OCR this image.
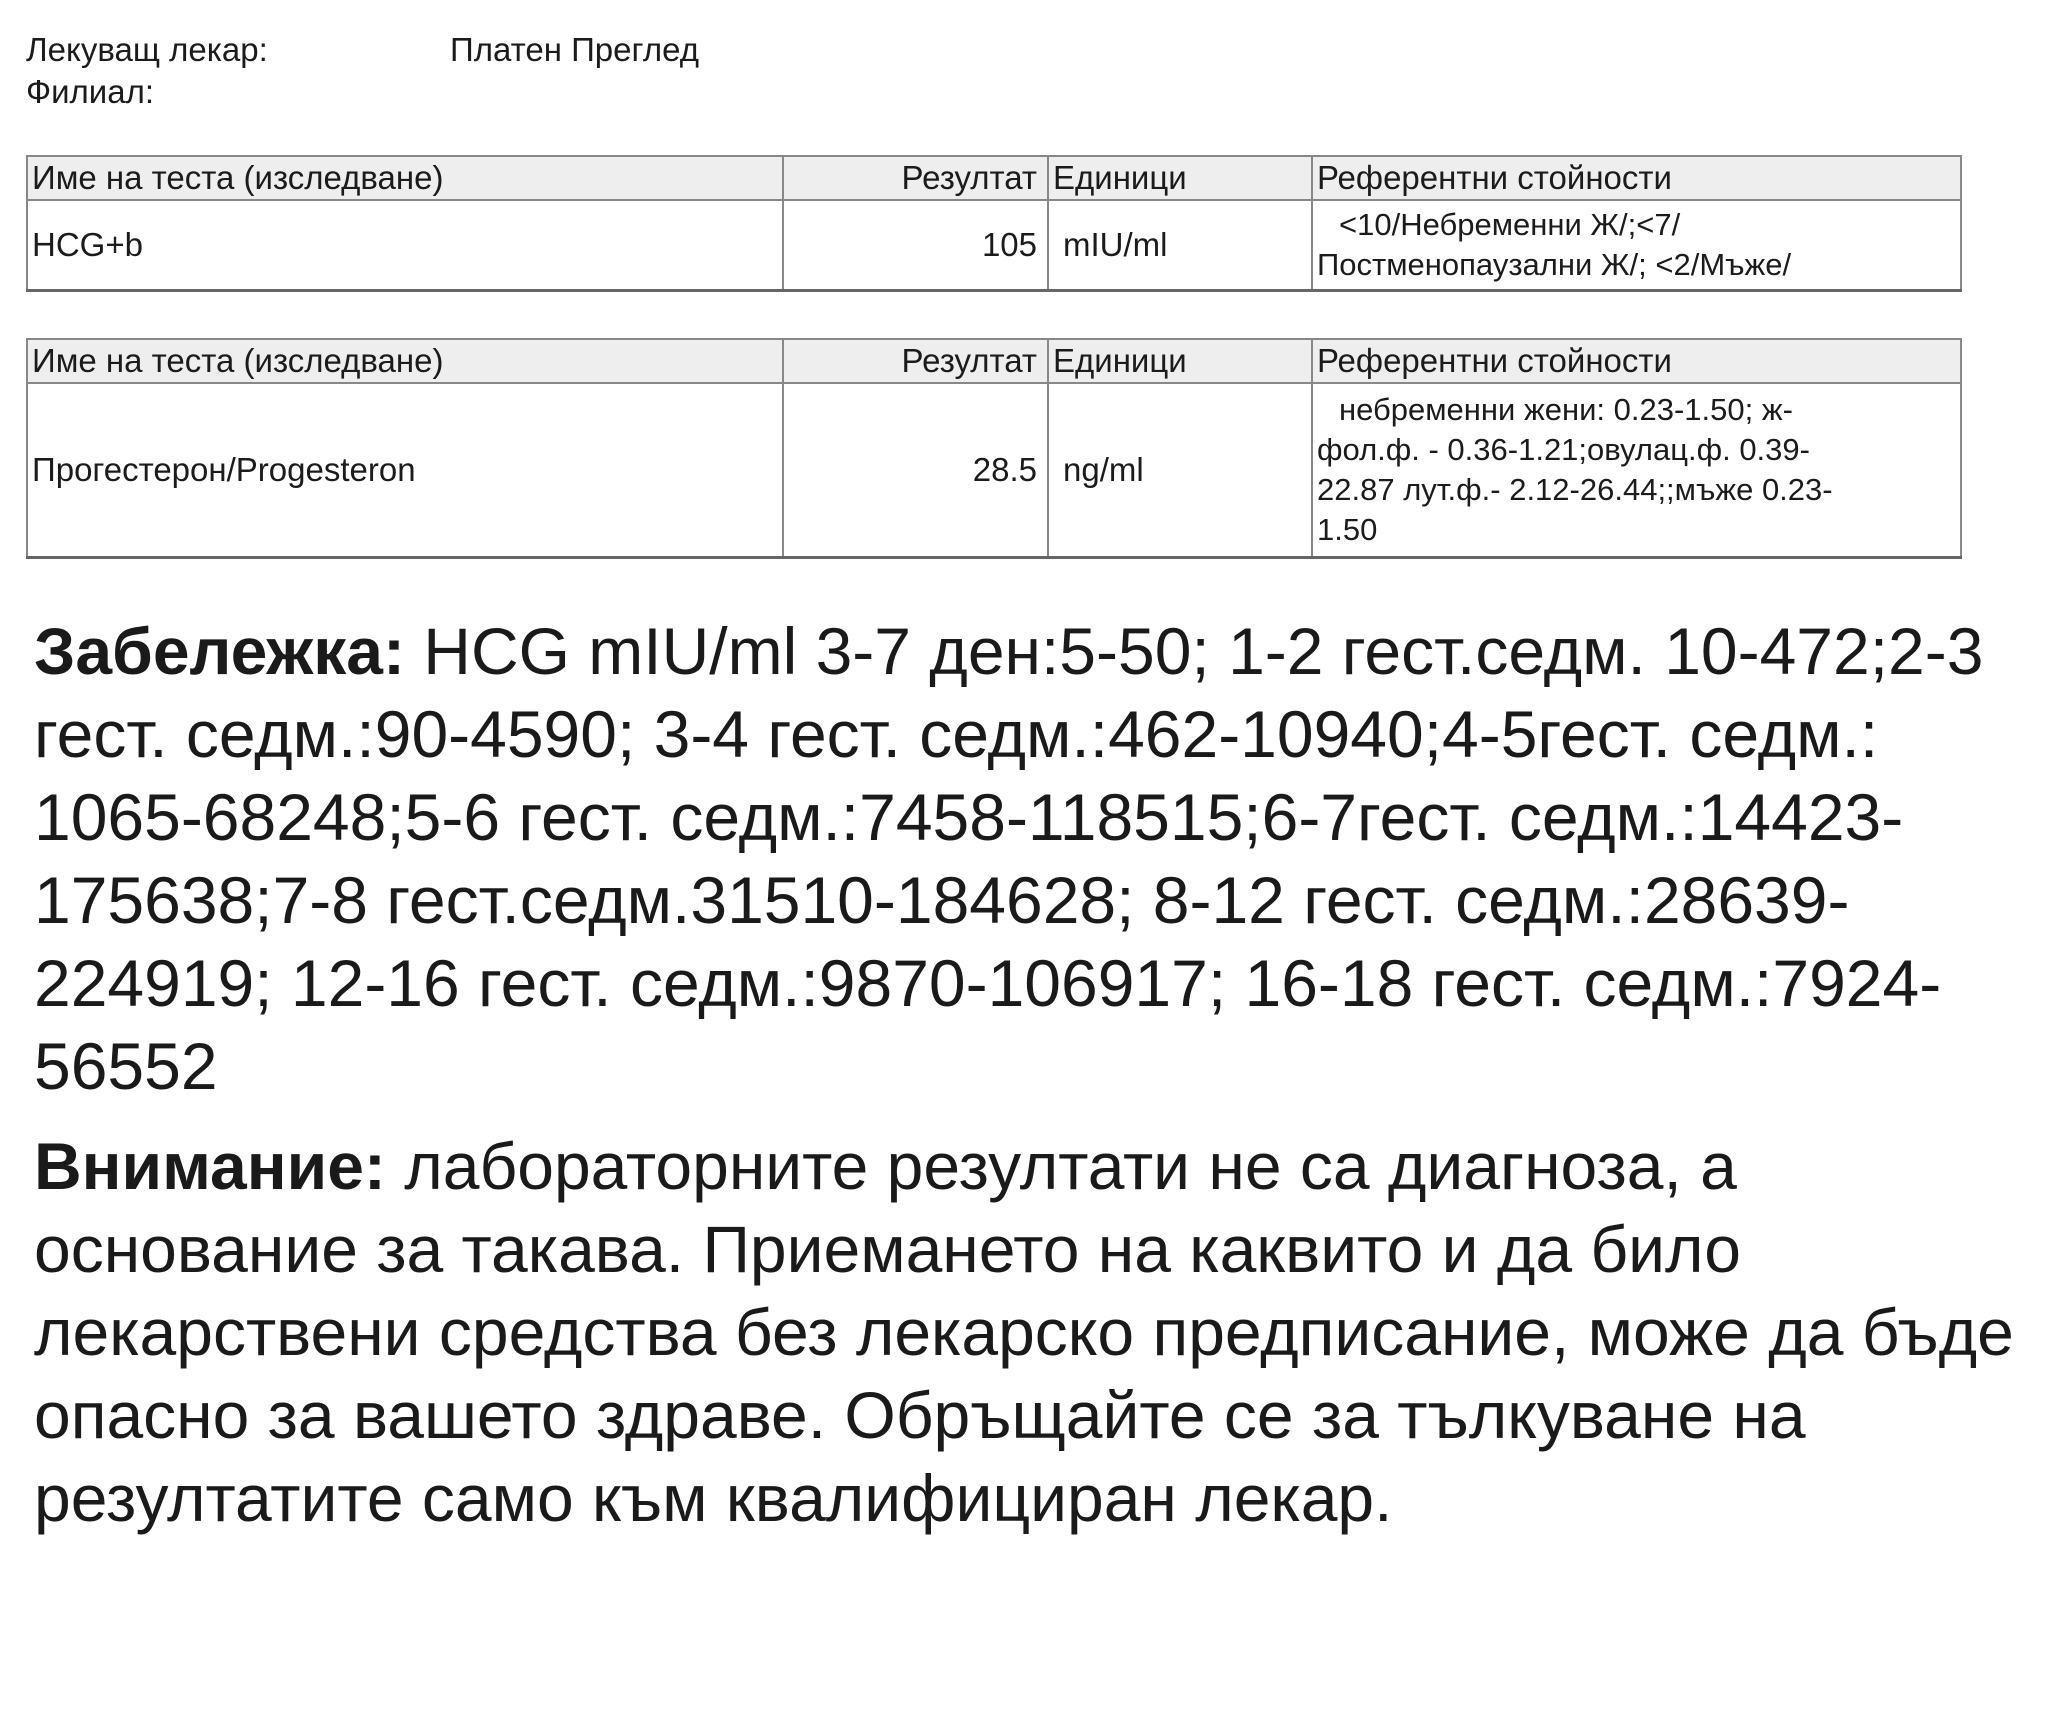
Лекуващ лекар:	Платен Преглед
Филиал:
Име на теста (изследване)	Резултат	Единици	Референтни стойности
HCG+b	105	mIU/ml	<10/Небременни Ж/;<7/
Постменопаузални Ж/; <2/Мъже/
Име на теста (изследване)	Резултат	Единици	Референтни стойности
Прогестерон/Progesteron	28.5	ng/ml	небременни жени: 0.23-1.50; ж-
фол.ф. - 0.36-1.21;овулац.ф. 0.39-
22.87 лут.ф.- 2.12-26.44;;мъже 0.23-
1.50
Забележка: HCG mIU/ml 3-7 ден:5-50; 1-2 гест.седм. 10-472;2-3 гест. седм.:90-4590; 3-4 гест. седм.:462-10940;4-5гест. седм.: 1065-68248;5-6 гест. седм.:7458-118515;6-7гест. седм.:14423-175638;7-8 гест.седм.31510-184628; 8-12 гест. седм.:28639-224919; 12-16 гест. седм.:9870-106917; 16-18 гест. седм.:7924-56552
Внимание: лабораторните резултати не са диагноза, а основание за такава. Приемането на каквито и да било лекарствени средства без лекарско предписание, може да бъде опасно за вашето здраве. Обръщайте се за тълкуване на резултатите само към квалифициран лекар.
